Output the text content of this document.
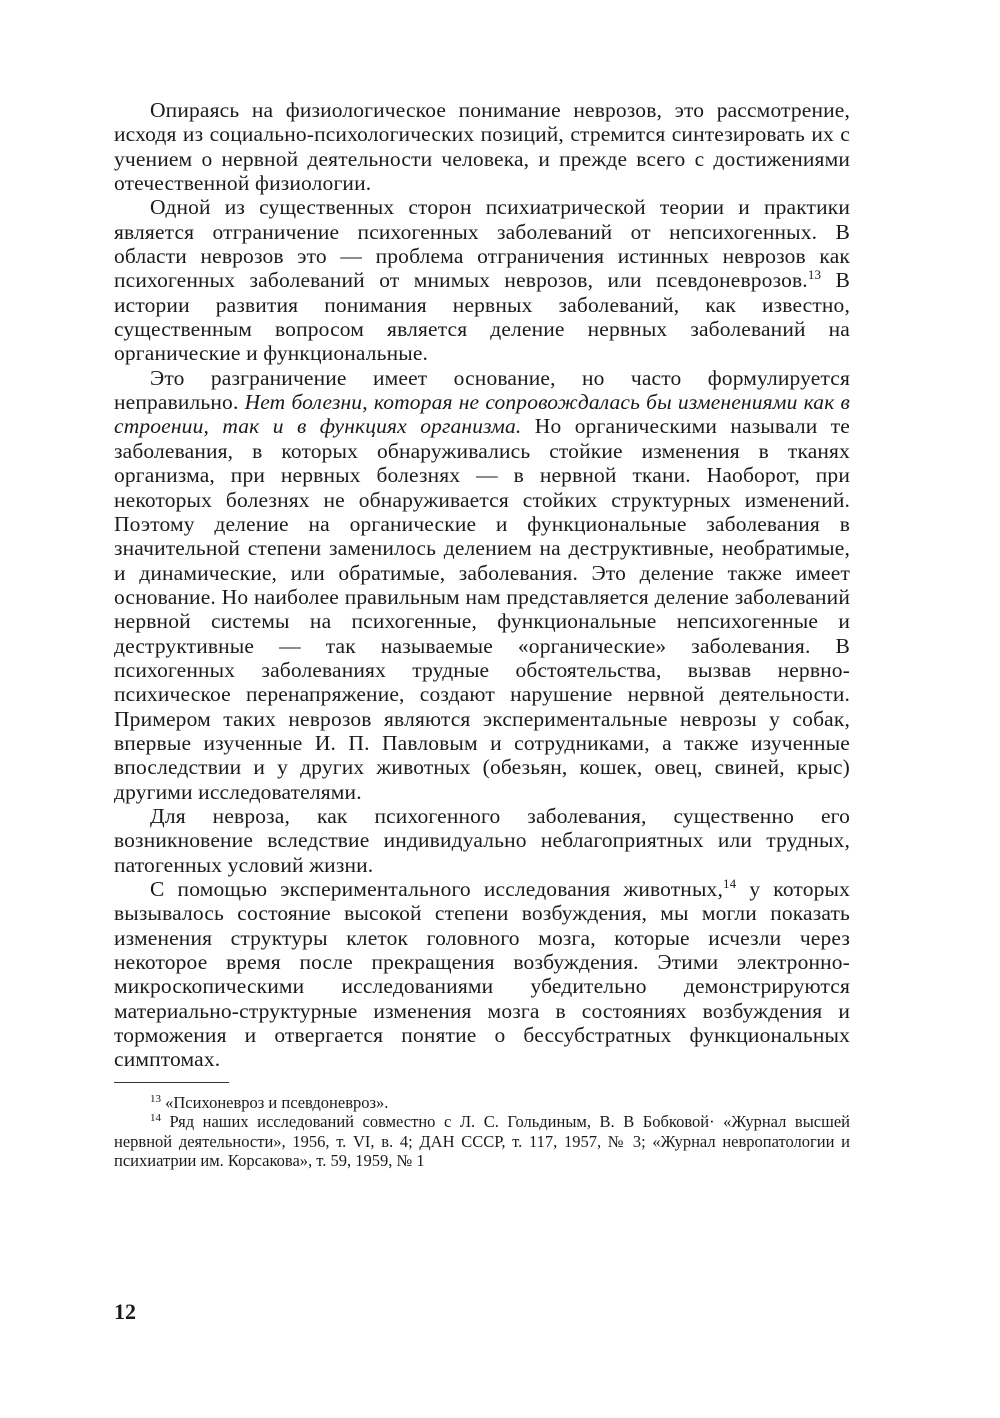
Опираясь на физиологическое понимание неврозов, это рассмотрение, исходя из социально-психологических позиций, стремится синтезировать их с учением о нервной деятельности человека, и прежде всего с достижениями отечественной физиологии.

Одной из существенных сторон психиатрической теории и практики является отграничение психогенных заболеваний от непсихогенных. В области неврозов это — проблема отграничения истинных неврозов как психогенных заболеваний от мнимых неврозов, или псевдоневрозов.$^{13}$ В истории развития понимания нервных заболеваний, как известно, существенным вопросом является деление нервных заболеваний на органические и функциональные.

Это разграничение имеет основание, но часто формулируется неправильно. Нет болезни, которая не сопровождалась бы изменениями как в строении, так и в функциях организма. Но органическими называли те заболевания, в которых обнаруживались стойкие изменения в тканях организма, при нервных болезнях — в нервной ткани. Наоборот, при некоторых болезнях не обнаруживается стойких структурных изменений. Поэтому деление на органические и функциональные заболевания в значительной степени заменилось делением на деструктивные, необратимые, и динамические, или обратимые, заболевания. Это деление также имеет основание. Но наиболее правильным нам представляется деление заболеваний нервной системы на психогенные, функциональные непсихогенные и деструктивные — так называемые «органические» заболевания. В психогенных заболеваниях трудные обстоятельства, вызвав нервно-психическое перенапряжение, создают нарушение нервной деятельности. Примером таких неврозов являются экспериментальные неврозы у собак, впервые изученные И. П. Павловым и сотрудниками, а также изученные впоследствии и у других животных (обезьян, кошек, овец, свиней, крыс) другими исследователями.

Для невроза, как психогенного заболевания, существенно его возникновение вследствие индивидуально неблагоприятных или трудных, патогенных условий жизни.

С помощью экспериментального исследования животных,$^{14}$ у которых вызывалось состояние высокой степени возбуждения, мы могли показать изменения структуры клеток головного мозга, которые исчезли через некоторое время после прекращения возбуждения. Этими электронно-микроскопическими исследованиями убедительно демонстрируются материально-структурные изменения мозга в состояниях возбуждения и торможения и отвергается понятие о бессубстратных функциональных симптомах.

$^{13}$ «Психоневроз и псевдоневроз».

$^{14}$ Ряд наших исследований совместно с Л. С. Гольдиным, В. В Бобковой· «Журнал высшей нервной деятельности», 1956, т. VI, в. 4; ДАН СССР, т. 117, 1957, № 3; «Журнал невропатологии и психиатрии им. Корсакова», т. 59, 1959, № 1

12
